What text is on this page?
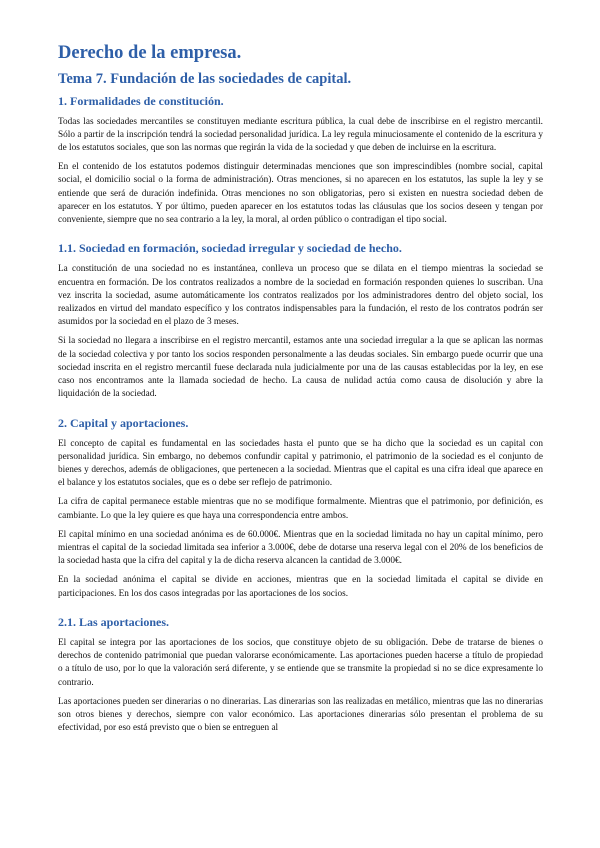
Derecho de la empresa.
Tema 7. Fundación de las sociedades de capital.
1. Formalidades de constitución.

Todas las sociedades mercantiles se constituyen mediante escritura pública, la cual debe de inscribirse en el registro mercantil. Sólo a partir de la inscripción tendrá la sociedad personalidad jurídica. La ley regula minuciosamente el contenido de la escritura y de los estatutos sociales, que son las normas que regirán la vida de la sociedad y que deben de incluirse en la escritura.

En el contenido de los estatutos podemos distinguir determinadas menciones que son imprescindibles (nombre social, capital social, el domicilio social o la forma de administración). Otras menciones, si no aparecen en los estatutos, las suple la ley y se entiende que será de duración indefinida. Otras menciones no son obligatorias, pero si existen en nuestra sociedad deben de aparecer en los estatutos. Y por último, pueden aparecer en los estatutos todas las cláusulas que los socios deseen y tengan por conveniente, siempre que no sea contrario a la ley, la moral, al orden público o contradigan el tipo social.

1.1. Sociedad en formación, sociedad irregular y sociedad de hecho.

La constitución de una sociedad no es instantánea, conlleva un proceso que se dilata en el tiempo mientras la sociedad se encuentra en formación. De los contratos realizados a nombre de la sociedad en formación responden quienes lo suscriban. Una vez inscrita la sociedad, asume automáticamente los contratos realizados por los administradores dentro del objeto social, los realizados en virtud del mandato específico y los contratos indispensables para la fundación, el resto de los contratos podrán ser asumidos por la sociedad en el plazo de 3 meses.

Si la sociedad no llegara a inscribirse en el registro mercantil, estamos ante una sociedad irregular a la que se aplican las normas de la sociedad colectiva y por tanto los socios responden personalmente a las deudas sociales. Sin embargo puede ocurrir que una sociedad inscrita en el registro mercantil fuese declarada nula judicialmente por una de las causas establecidas por la ley, en ese caso nos encontramos ante la llamada sociedad de hecho. La causa de nulidad actúa como causa de disolución y abre la liquidación de la sociedad.

2. Capital y aportaciones.

El concepto de capital es fundamental en las sociedades hasta el punto que se ha dicho que la sociedad es un capital con personalidad jurídica. Sin embargo, no debemos confundir capital y patrimonio, el patrimonio de la sociedad es el conjunto de bienes y derechos, además de obligaciones, que pertenecen a la sociedad. Mientras que el capital es una cifra ideal que aparece en el balance y los estatutos sociales, que es o debe ser reflejo de patrimonio.

La cifra de capital permanece estable mientras que no se modifique formalmente. Mientras que el patrimonio, por definición, es cambiante. Lo que la ley quiere es que haya una correspondencia entre ambos.

El capital mínimo en una sociedad anónima es de 60.000€. Mientras que en la sociedad limitada no hay un capital mínimo, pero mientras el capital de la sociedad limitada sea inferior a 3.000€, debe de dotarse una reserva legal con el 20% de los beneficios de la sociedad hasta que la cifra del capital y la de dicha reserva alcancen la cantidad de 3.000€.

En la sociedad anónima el capital se divide en acciones, mientras que en la sociedad limitada el capital se divide en participaciones. En los dos casos integradas por las aportaciones de los socios.

2.1. Las aportaciones.

El capital se integra por las aportaciones de los socios, que constituye objeto de su obligación. Debe de tratarse de bienes o derechos de contenido patrimonial que puedan valorarse económicamente. Las aportaciones pueden hacerse a título de propiedad o a título de uso, por lo que la valoración será diferente, y se entiende que se transmite la propiedad si no se dice expresamente lo contrario.

Las aportaciones pueden ser dinerarias o no dinerarias. Las dinerarias son las realizadas en metálico, mientras que las no dinerarias son otros bienes y derechos, siempre con valor económico. Las aportaciones dinerarias sólo presentan el problema de su efectividad, por eso está previsto que o bien se entreguen al
